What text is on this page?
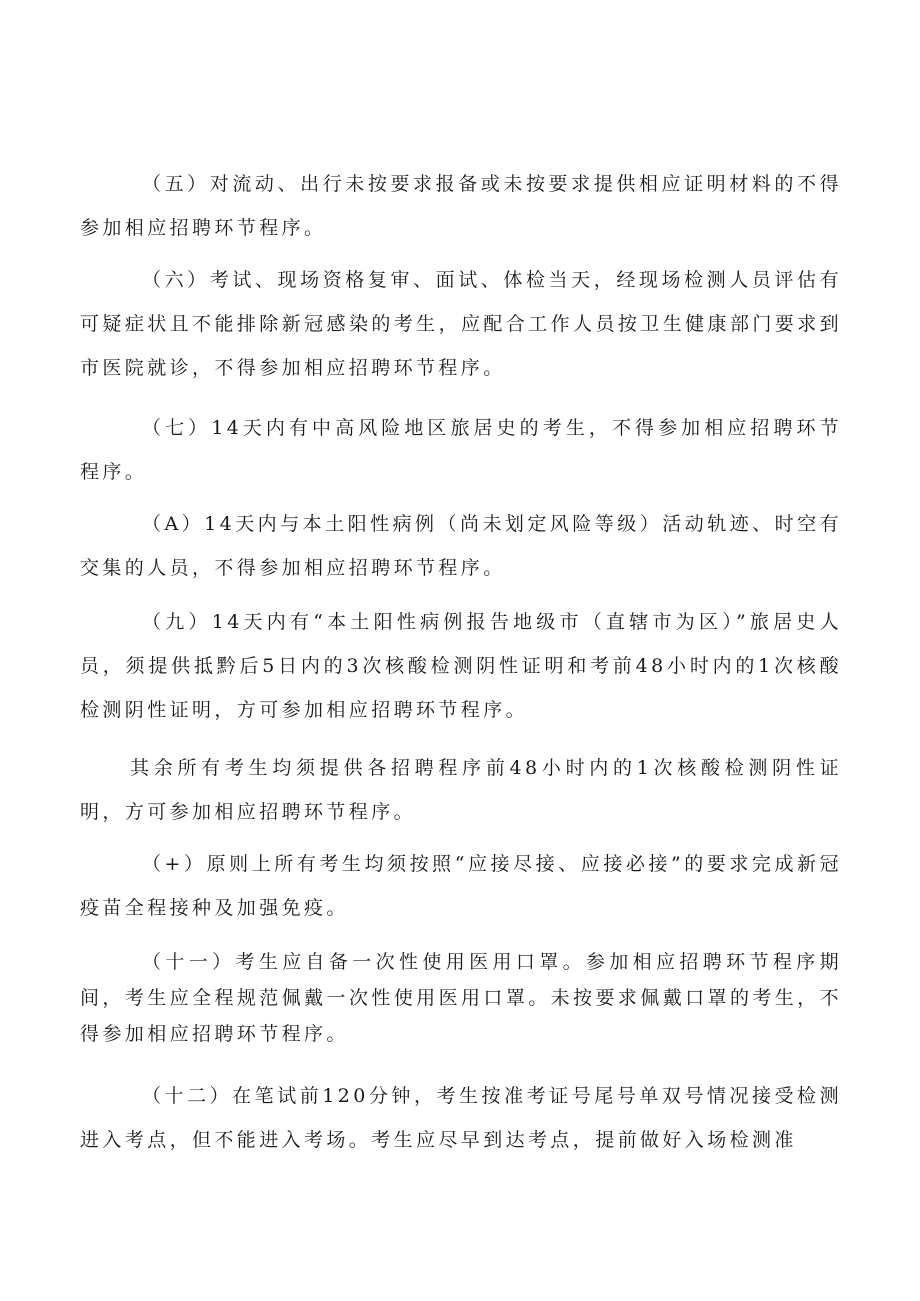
（五）对流动、出行未按要求报备或未按要求提供相应证明材料的不得参加相应招聘环节程序。

（六）考试、现场资格复审、面试、体检当天，经现场检测人员评估有可疑症状且不能排除新冠感染的考生，应配合工作人员按卫生健康部门要求到市医院就诊，不得参加相应招聘环节程序。

（七）14天内有中高风险地区旅居史的考生，不得参加相应招聘环节程序。

（A）14天内与本土阳性病例（尚未划定风险等级）活动轨迹、时空有交集的人员，不得参加相应招聘环节程序。

（九）14天内有“本土阳性病例报告地级市（直辖市为区）”旅居史人员，须提供抵黔后5日内的3次核酸检测阴性证明和考前48小时内的1次核酸检测阴性证明，方可参加相应招聘环节程序。

其余所有考生均须提供各招聘程序前48小时内的1次核酸检测阴性证明，方可参加相应招聘环节程序。

（+）原则上所有考生均须按照“应接尽接、应接必接”的要求完成新冠疫苗全程接种及加强免疫。

（十一）考生应自备一次性使用医用口罩。参加相应招聘环节程序期间，考生应全程规范佩戴一次性使用医用口罩。未按要求佩戴口罩的考生，不得参加相应招聘环节程序。

（十二）在笔试前120分钟，考生按准考证号尾号单双号情况接受检测进入考点，但不能进入考场。考生应尽早到达考点，提前做好入场检测准
